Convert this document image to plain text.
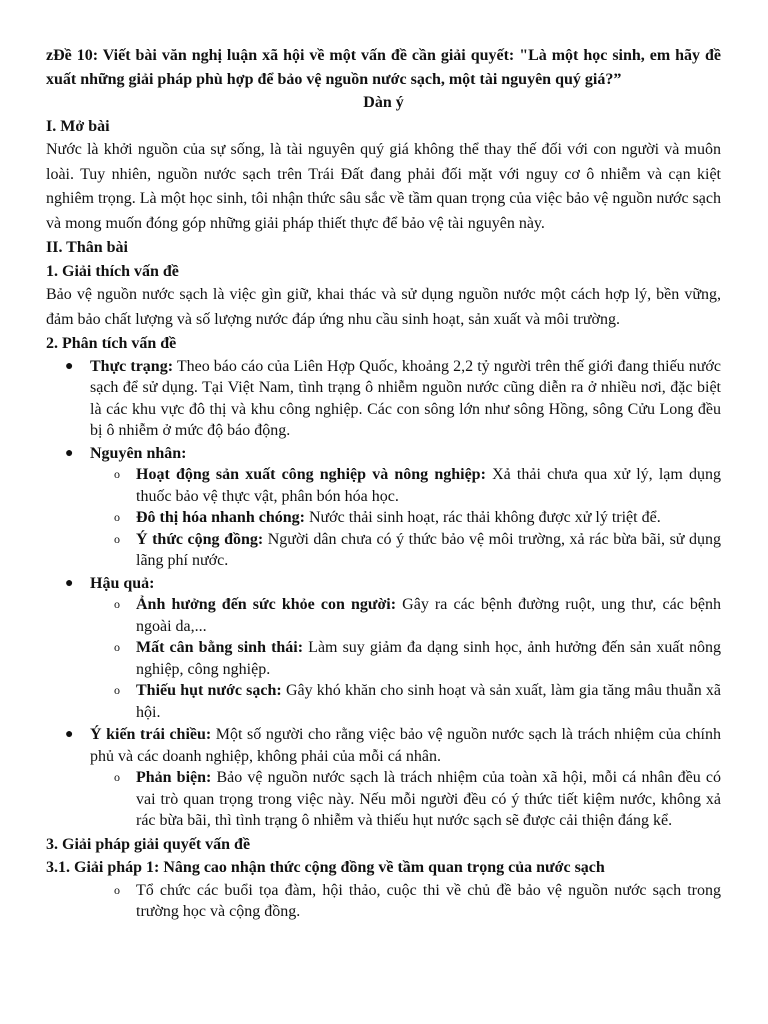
zĐề 10: Viết bài văn nghị luận xã hội về một vấn đề cần giải quyết: "Là một học sinh, em hãy đề xuất những giải pháp phù hợp để bảo vệ nguồn nước sạch, một tài nguyên quý giá?”

Dàn ý

I. Mở bài

Nước là khởi nguồn của sự sống, là tài nguyên quý giá không thể thay thế đối với con người và muôn loài. Tuy nhiên, nguồn nước sạch trên Trái Đất đang phải đối mặt với nguy cơ ô nhiễm và cạn kiệt nghiêm trọng. Là một học sinh, tôi nhận thức sâu sắc về tầm quan trọng của việc bảo vệ nguồn nước sạch và mong muốn đóng góp những giải pháp thiết thực để bảo vệ tài nguyên này.

II. Thân bài

1. Giải thích vấn đề

Bảo vệ nguồn nước sạch là việc gìn giữ, khai thác và sử dụng nguồn nước một cách hợp lý, bền vững, đảm bảo chất lượng và số lượng nước đáp ứng nhu cầu sinh hoạt, sản xuất và môi trường.

2. Phân tích vấn đề

● Thực trạng: Theo báo cáo của Liên Hợp Quốc, khoảng 2,2 tỷ người trên thế giới đang thiếu nước sạch để sử dụng. Tại Việt Nam, tình trạng ô nhiễm nguồn nước cũng diễn ra ở nhiều nơi, đặc biệt là các khu vực đô thị và khu công nghiệp. Các con sông lớn như sông Hồng, sông Cửu Long đều bị ô nhiễm ở mức độ báo động.
● Nguyên nhân:
o Hoạt động sản xuất công nghiệp và nông nghiệp: Xả thải chưa qua xử lý, lạm dụng thuốc bảo vệ thực vật, phân bón hóa học.
o Đô thị hóa nhanh chóng: Nước thải sinh hoạt, rác thải không được xử lý triệt để.
o Ý thức cộng đồng: Người dân chưa có ý thức bảo vệ môi trường, xả rác bừa bãi, sử dụng lãng phí nước.
● Hậu quả:
o Ảnh hưởng đến sức khỏe con người: Gây ra các bệnh đường ruột, ung thư, các bệnh ngoài da,...
o Mất cân bằng sinh thái: Làm suy giảm đa dạng sinh học, ảnh hưởng đến sản xuất nông nghiệp, công nghiệp.
o Thiếu hụt nước sạch: Gây khó khăn cho sinh hoạt và sản xuất, làm gia tăng mâu thuẫn xã hội.
● Ý kiến trái chiều: Một số người cho rằng việc bảo vệ nguồn nước sạch là trách nhiệm của chính phủ và các doanh nghiệp, không phải của mỗi cá nhân.
o Phản biện: Bảo vệ nguồn nước sạch là trách nhiệm của toàn xã hội, mỗi cá nhân đều có vai trò quan trọng trong việc này. Nếu mỗi người đều có ý thức tiết kiệm nước, không xả rác bừa bãi, thì tình trạng ô nhiễm và thiếu hụt nước sạch sẽ được cải thiện đáng kể.

3. Giải pháp giải quyết vấn đề

3.1. Giải pháp 1: Nâng cao nhận thức cộng đồng về tầm quan trọng của nước sạch

o Tổ chức các buổi tọa đàm, hội thảo, cuộc thi về chủ đề bảo vệ nguồn nước sạch trong trường học và cộng đồng.
